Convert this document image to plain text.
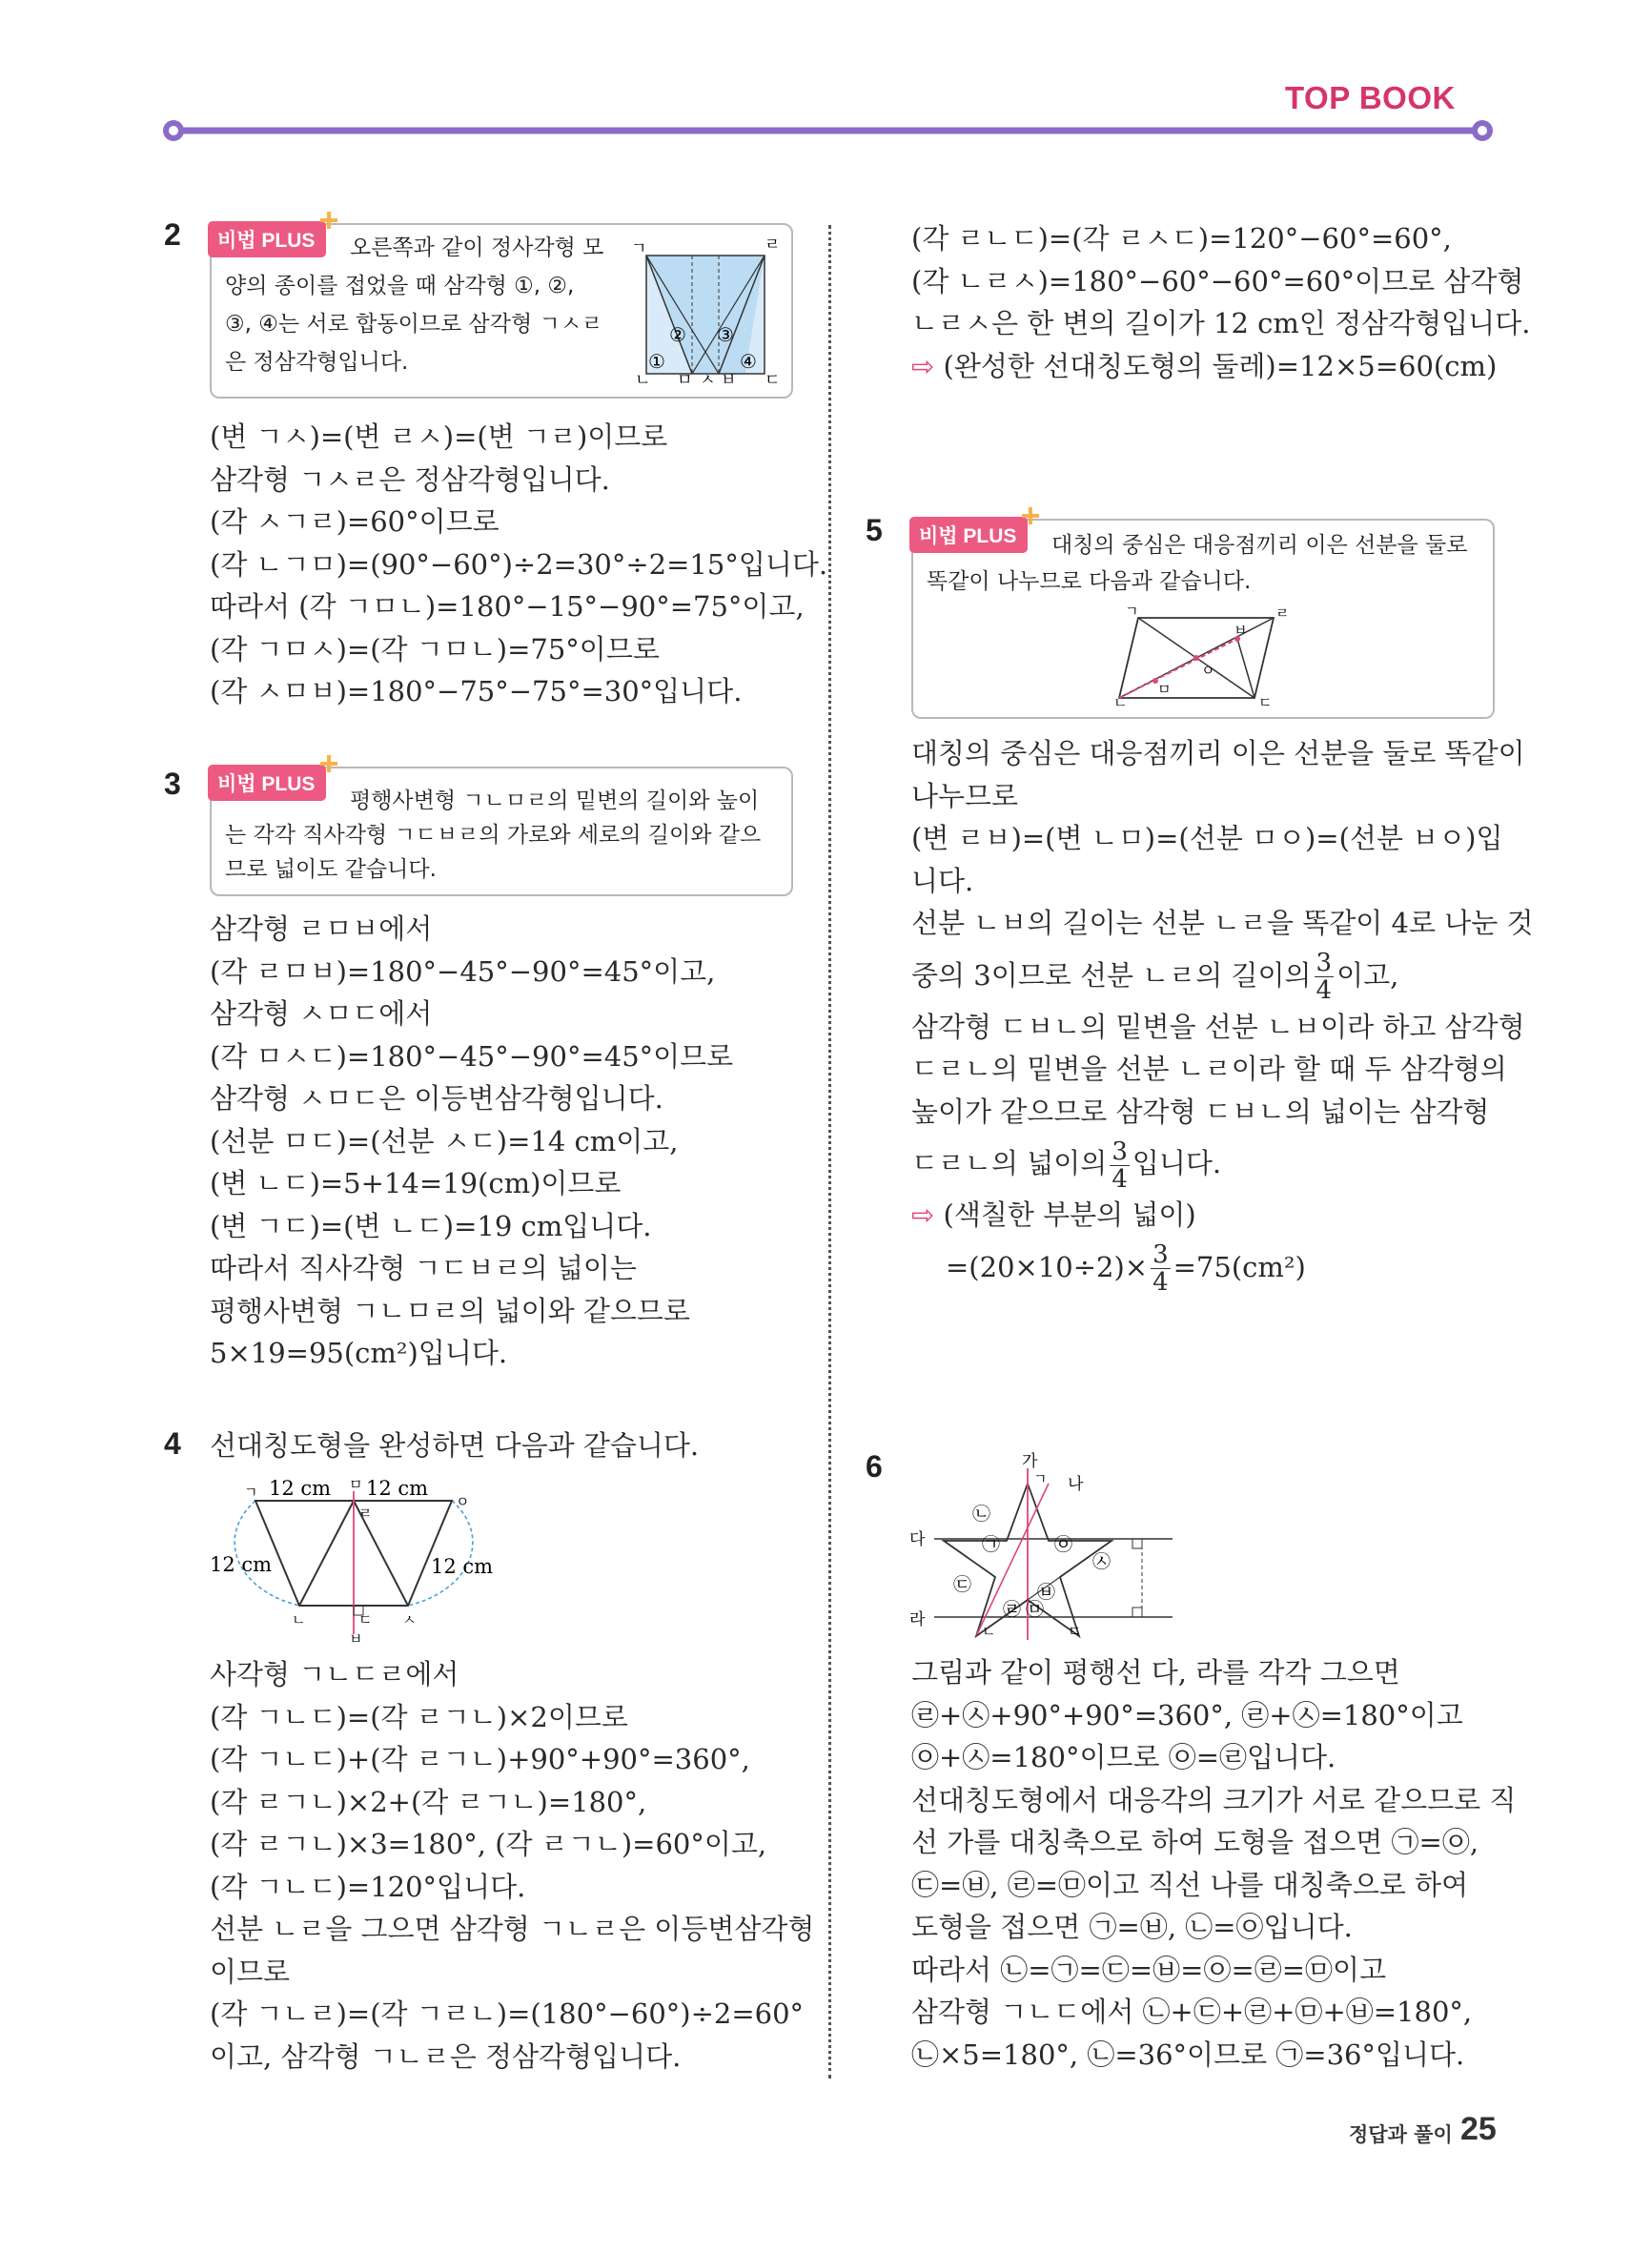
TOP BOOK
2	비법 PLUS	오른쪽과 같이 정사각형 모
양의 종이를 접었을 때 삼각형 ①, ②,
③, ④는 서로 합동이므로 삼각형 ㄱㅅㄹ
은 정삼각형입니다.
ㄱ	ㄹ
ㅅ
ㄴ ㅁ ㅂ ㄷ
①
② ③
④
(변 ㄱㅅ)=(변 ㄹㅅ)=(변 ㄱㄹ)이므로
삼각형 ㄱㅅㄹ은 정삼각형입니다.
(각 ㅅㄱㄹ)=60°이므로
(각 ㄴㄱㅁ)=(90°−60°)÷2=30°÷2=15°입니다.
따라서 (각 ㄱㅁㄴ)=180°−15°−90°=75°이고,
(각 ㄱㅁㅅ)=(각 ㄱㅁㄴ)=75°이므로
(각 ㅅㅁㅂ)=180°−75°−75°=30°입니다.
3	비법 PLUS
평행사변형 ㄱㄴㅁㄹ의 밑변의 길이와 높이
는 각각 직사각형 ㄱㄷㅂㄹ의 가로와 세로의 길이와 같으
므로 넓이도 같습니다.
삼각형 ㄹㅁㅂ에서
(각 ㄹㅁㅂ)=180°−45°−90°=45°이고,
삼각형 ㅅㅁㄷ에서
(각 ㅁㅅㄷ)=180°−45°−90°=45°이므로
삼각형 ㅅㅁㄷ은 이등변삼각형입니다.
(선분 ㅁㄷ)=(선분 ㅅㄷ)=14 cm이고,
(변 ㄴㄷ)=5+14=19(cm)이므로
(변 ㄱㄷ)=(변 ㄴㄷ)=19 cm입니다.
따라서 직사각형 ㄱㄷㅂㄹ의 넓이는
평행사변형 ㄱㄴㅁㄹ의 넓이와 같으므로
5×19=95(cm²)입니다.
4 선대칭도형을 완성하면 다음과 같습니다.
ㄱ	ㅁ
ㄹ
ㅇ
ㄴ	ㄷ ㅅ
ㅂ
12 cm 12 cm
12 cm	12 cm
사각형 ㄱㄴㄷㄹ에서
(각 ㄱㄴㄷ)=(각 ㄹㄱㄴ)×2이므로
(각 ㄱㄴㄷ)+(각 ㄹㄱㄴ)+90°+90°=360°,
(각 ㄹㄱㄴ)×2+(각 ㄹㄱㄴ)=180°,
(각 ㄹㄱㄴ)×3=180°, (각 ㄹㄱㄴ)=60°이고,
(각 ㄱㄴㄷ)=120°입니다.
선분 ㄴㄹ을 그으면 삼각형 ㄱㄴㄹ은 이등변삼각형
이므로
(각 ㄱㄴㄹ)=(각 ㄱㄹㄴ)=(180°−60°)÷2=60°
이고, 삼각형 ㄱㄴㄹ은 정삼각형입니다.
(각 ㄹㄴㄷ)=(각 ㄹㅅㄷ)=120°−60°=60°,
(각 ㄴㄹㅅ)=180°−60°−60°=60°이므로 삼각형
ㄴㄹㅅ은 한 변의 길이가 12 cm인 정삼각형입니다.
⇨ (완성한 선대칭도형의 둘레)=12×5=60(cm)
5	비법 PLUS	대칭의 중심은 대응점끼리 이은 선분을 둘로
똑같이 나누므로 다음과 같습니다.
ㄱ	ㄹ
ㅂ
ㅇ
ㅁ
ㄴ	ㄷ
대칭의 중심은 대응점끼리 이은 선분을 둘로 똑같이
나누므로
(변 ㄹㅂ)=(변 ㄴㅁ)=(선분 ㅁㅇ)=(선분 ㅂㅇ)입
니다.
선분 ㄴㅂ의 길이는 선분 ㄴㄹ을 똑같이 4로 나눈 것
중의 3이므로 선분 ㄴㄹ의 길이의 $\frac{3}{4}$ 이고,
삼각형 ㄷㅂㄴ의 밑변을 선분 ㄴㅂ이라 하고 삼각형
ㄷㄹㄴ의 밑변을 선분 ㄴㄹ이라 할 때 두 삼각형의
높이가 같으므로 삼각형 ㄷㅂㄴ의 넓이는 삼각형
ㄷㄹㄴ의 넓이의 $\frac{3}{4}$ 입니다.
⇨ (색칠한 부분의 넓이)
$=(20\times 10\div 2)\times \frac{3}{4} =75(cm^2)$
6	가
나
ㄱ
다
라
ㄴ	ㄷ
㉡
㉠	㉧
㉦
㉢	㉥
㉣ ㉤
그림과 같이 평행선 다, 라를 각각 그으면
㉣+㉦+90°+90°=360°, ㉣+㉦=180°이고
㉧+㉦=180°이므로 ㉧=㉣입니다.
선대칭도형에서 대응각의 크기가 서로 같으므로 직
선 가를 대칭축으로 하여 도형을 접으면 ㉠=㉧,
㉢=㉥, ㉣=㉤이고 직선 나를 대칭축으로 하여
도형을 접으면 ㉠=㉥, ㉡=㉧입니다.
따라서 ㉡=㉠=㉢=㉥=㉧=㉣=㉤이고
삼각형 ㄱㄴㄷ에서 ㉡+㉢+㉣+㉤+㉥=180°,
㉡×5=180°, ㉡=36°이므로 ㉠=36°입니다.
정답과 풀이 25
